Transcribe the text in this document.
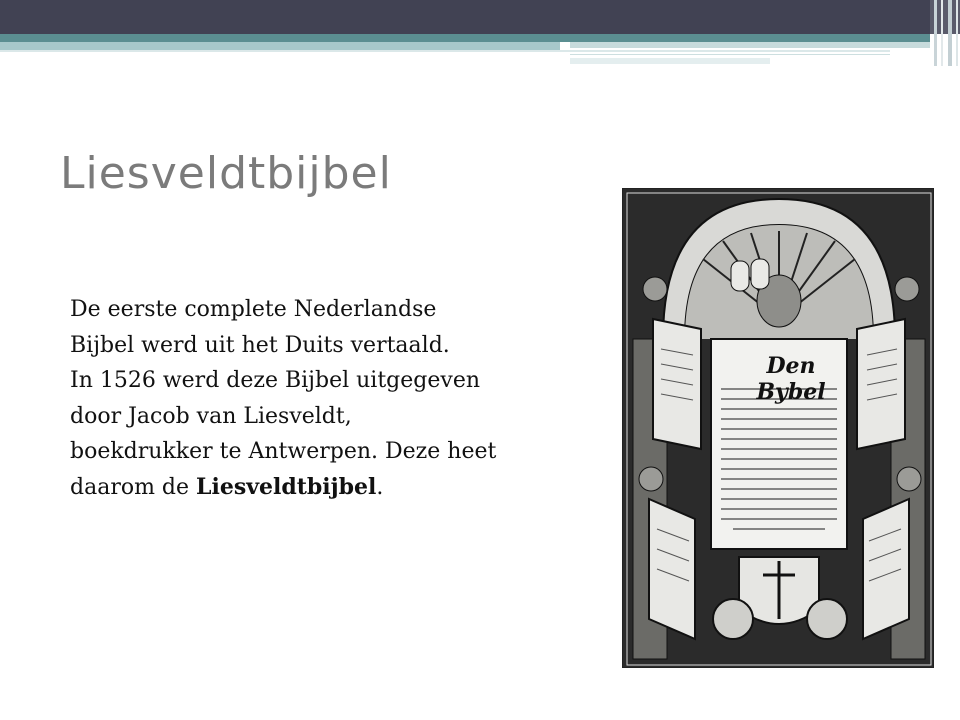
Liesveldtbijbel

De eerste complete Nederlandse
Bijbel werd uit het Duits vertaald.
In 1526 werd deze Bijbel uitgegeven
door Jacob van Liesveldt,
boekdrukker te Antwerpen. Deze heet
daarom de Liesveldtbijbel.

Den Bybel
